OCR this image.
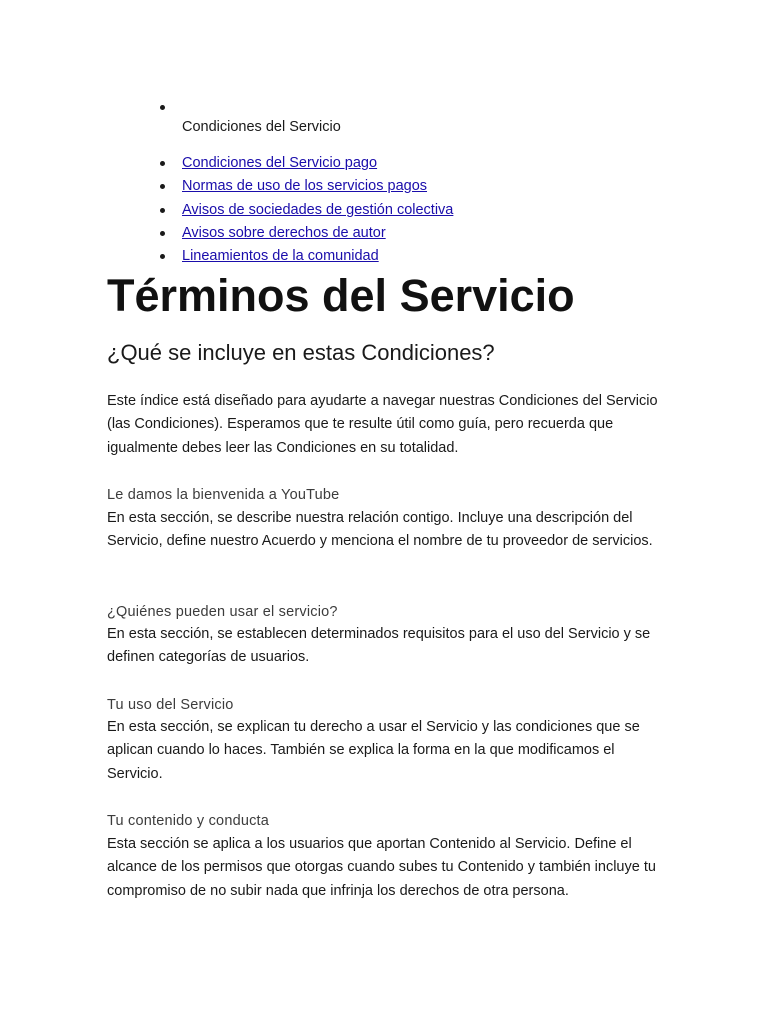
Condiciones del Servicio
Condiciones del Servicio pago
Normas de uso de los servicios pagos
Avisos de sociedades de gestión colectiva
Avisos sobre derechos de autor
Lineamientos de la comunidad
Términos del Servicio
¿Qué se incluye en estas Condiciones?

Este índice está diseñado para ayudarte a navegar nuestras Condiciones del Servicio (las Condiciones). Esperamos que te resulte útil como guía, pero recuerda que igualmente debes leer las Condiciones en su totalidad.

Le damos la bienvenida a YouTube

En esta sección, se describe nuestra relación contigo. Incluye una descripción del Servicio, define nuestro Acuerdo y menciona el nombre de tu proveedor de servicios.

¿Quiénes pueden usar el servicio?

En esta sección, se establecen determinados requisitos para el uso del Servicio y se definen categorías de usuarios.

Tu uso del Servicio

En esta sección, se explican tu derecho a usar el Servicio y las condiciones que se aplican cuando lo haces. También se explica la forma en la que modificamos el Servicio.

Tu contenido y conducta

Esta sección se aplica a los usuarios que aportan Contenido al Servicio. Define el alcance de los permisos que otorgas cuando subes tu Contenido y también incluye tu compromiso de no subir nada que infrinja los derechos de otra persona.
